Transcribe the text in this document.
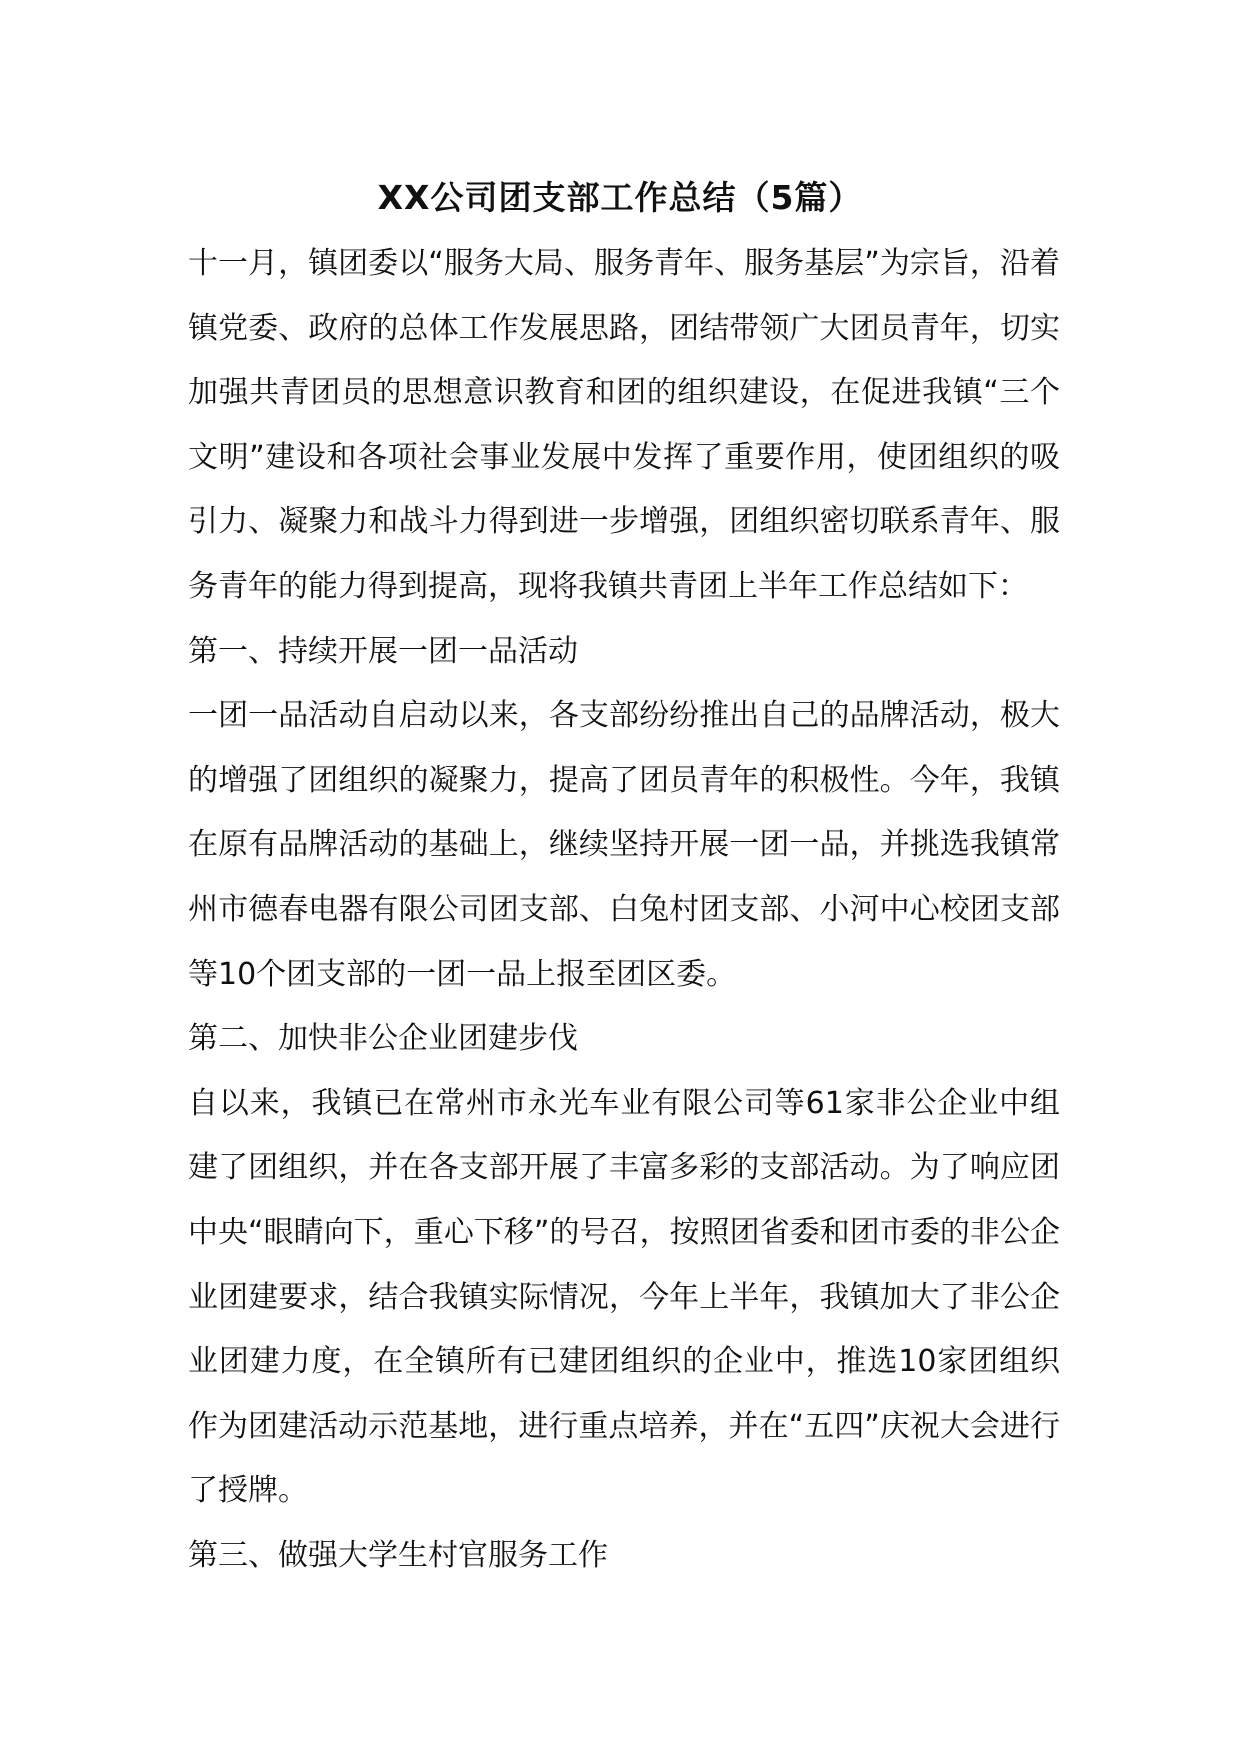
XX公司团支部工作总结（5篇）

十一月，镇团委以“服务大局、服务青年、服务基层”为宗旨，沿着镇党委、政府的总体工作发展思路，团结带领广大团员青年，切实加强共青团员的思想意识教育和团的组织建设，在促进我镇“三个文明”建设和各项社会事业发展中发挥了重要作用，使团组织的吸引力、凝聚力和战斗力得到进一步增强，团组织密切联系青年、服务青年的能力得到提高，现将我镇共青团上半年工作总结如下：

第一、持续开展一团一品活动

一团一品活动自启动以来，各支部纷纷推出自己的品牌活动，极大的增强了团组织的凝聚力，提高了团员青年的积极性。今年，我镇在原有品牌活动的基础上，继续坚持开展一团一品，并挑选我镇常州市德春电器有限公司团支部、白兔村团支部、小河中心校团支部等10个团支部的一团一品上报至团区委。

第二、加快非公企业团建步伐

自以来，我镇已在常州市永光车业有限公司等61家非公企业中组建了团组织，并在各支部开展了丰富多彩的支部活动。为了响应团中央“眼睛向下，重心下移”的号召，按照团省委和团市委的非公企业团建要求，结合我镇实际情况，今年上半年，我镇加大了非公企业团建力度，在全镇所有已建团组织的企业中，推选10家团组织作为团建活动示范基地，进行重点培养，并在“五四”庆祝大会进行了授牌。

第三、做强大学生村官服务工作
